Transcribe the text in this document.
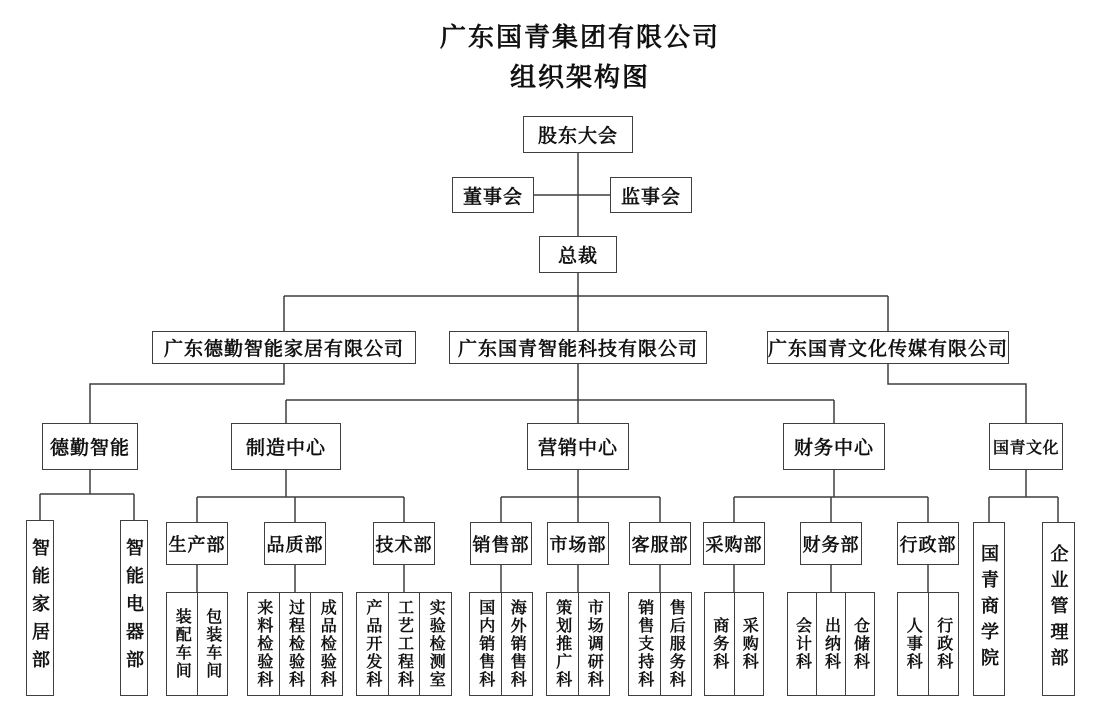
广东国青集团有限公司
组织架构图
股东大会
董事会	监事会
总裁
广东德勤智能家居有限公司	广东国青智能科技有限公司	广东国青文化传媒有限公司
德勤智能	制造中心	营销中心	财务中心	国青文化
智能家居部	智能电器部 生产部 品质部	技术部 销售部 市场部 客服部 采购部 财务部 行政部	国青商学院	企业管理部
装配车间 包装车间	来料检验科 过程检验科 成品检验科	产品开发科 工艺工程科 实验检测室	国内销售科 海外销售科	策划推广科 市场调研科	销售支持科 售后服务科	商务科 采购科	会计科 出纳科 仓储科	人事科 行政科
